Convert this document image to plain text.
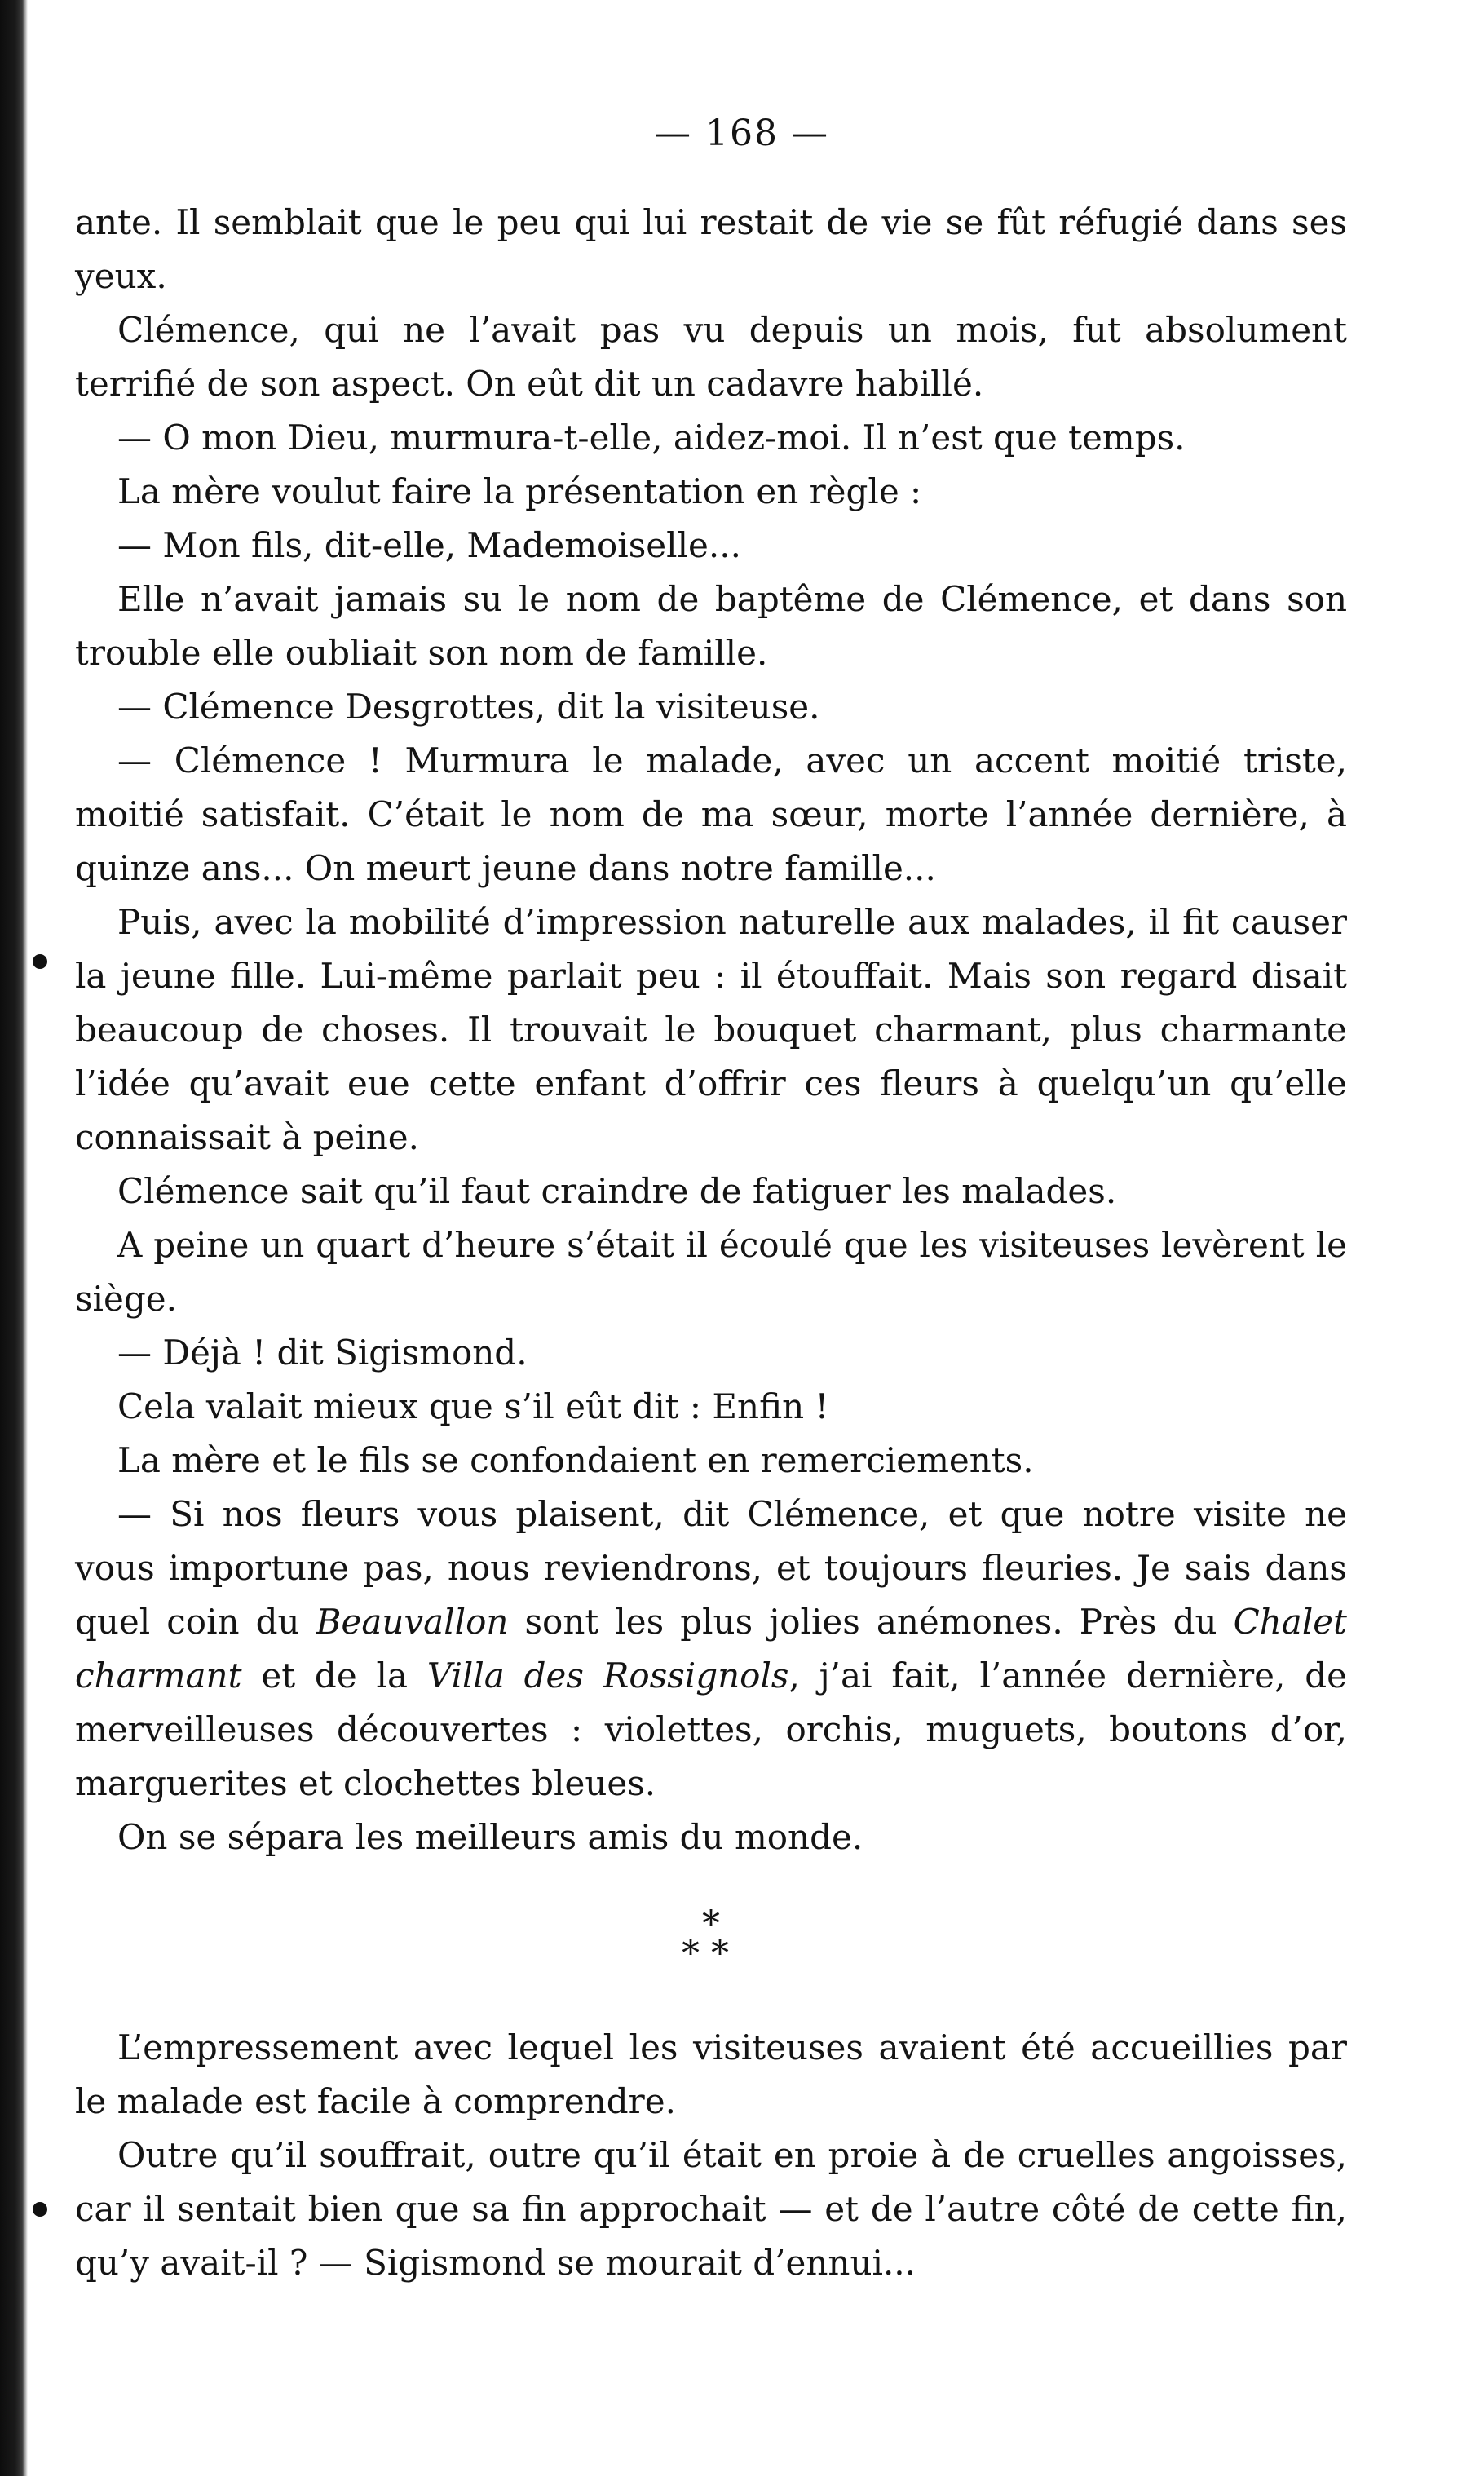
— 168 —

ante. Il semblait que le peu qui lui restait de vie se fût réfugié dans ses yeux.

Clémence, qui ne l’avait pas vu depuis un mois, fut absolument terrifié de son aspect. On eût dit un cadavre habillé.

— O mon Dieu, murmura-t-elle, aidez-moi. Il n’est que temps.

La mère voulut faire la présentation en règle :

— Mon fils, dit-elle, Mademoiselle...

Elle n’avait jamais su le nom de baptême de Clémence, et dans son trouble elle oubliait son nom de famille.

— Clémence Desgrottes, dit la visiteuse.

— Clémence ! Murmura le malade, avec un accent moitié triste, moitié satisfait. C’était le nom de ma sœur, morte l’année dernière, à quinze ans... On meurt jeune dans notre famille...

Puis, avec la mobilité d’impression naturelle aux malades, il fit causer la jeune fille. Lui-même parlait peu : il étouffait. Mais son regard disait beaucoup de choses. Il trouvait le bouquet charmant, plus charmante l’idée qu’avait eue cette enfant d’offrir ces fleurs à quelqu’un qu’elle connaissait à peine.

Clémence sait qu’il faut craindre de fatiguer les malades.

A peine un quart d’heure s’était il écoulé que les visiteuses levèrent le siège.

— Déjà ! dit Sigismond.

Cela valait mieux que s’il eût dit : Enfin !

La mère et le fils se confondaient en remerciements.

— Si nos fleurs vous plaisent, dit Clémence, et que notre visite ne vous importune pas, nous reviendrons, et toujours fleuries. Je sais dans quel coin du Beauvallon sont les plus jolies anémones. Près du Chalet charmant et de la Villa des Rossignols, j’ai fait, l’année dernière, de merveilleuses découvertes : violettes, orchis, muguets, boutons d’or, marguerites et clochettes bleues.

On se sépara les meilleurs amis du monde.

*
**

L’empressement avec lequel les visiteuses avaient été accueillies par le malade est facile à comprendre.

Outre qu’il souffrait, outre qu’il était en proie à de cruelles angoisses, car il sentait bien que sa fin approchait — et de l’autre côté de cette fin, qu’y avait-il ? — Sigismond se mourait d’ennui...
